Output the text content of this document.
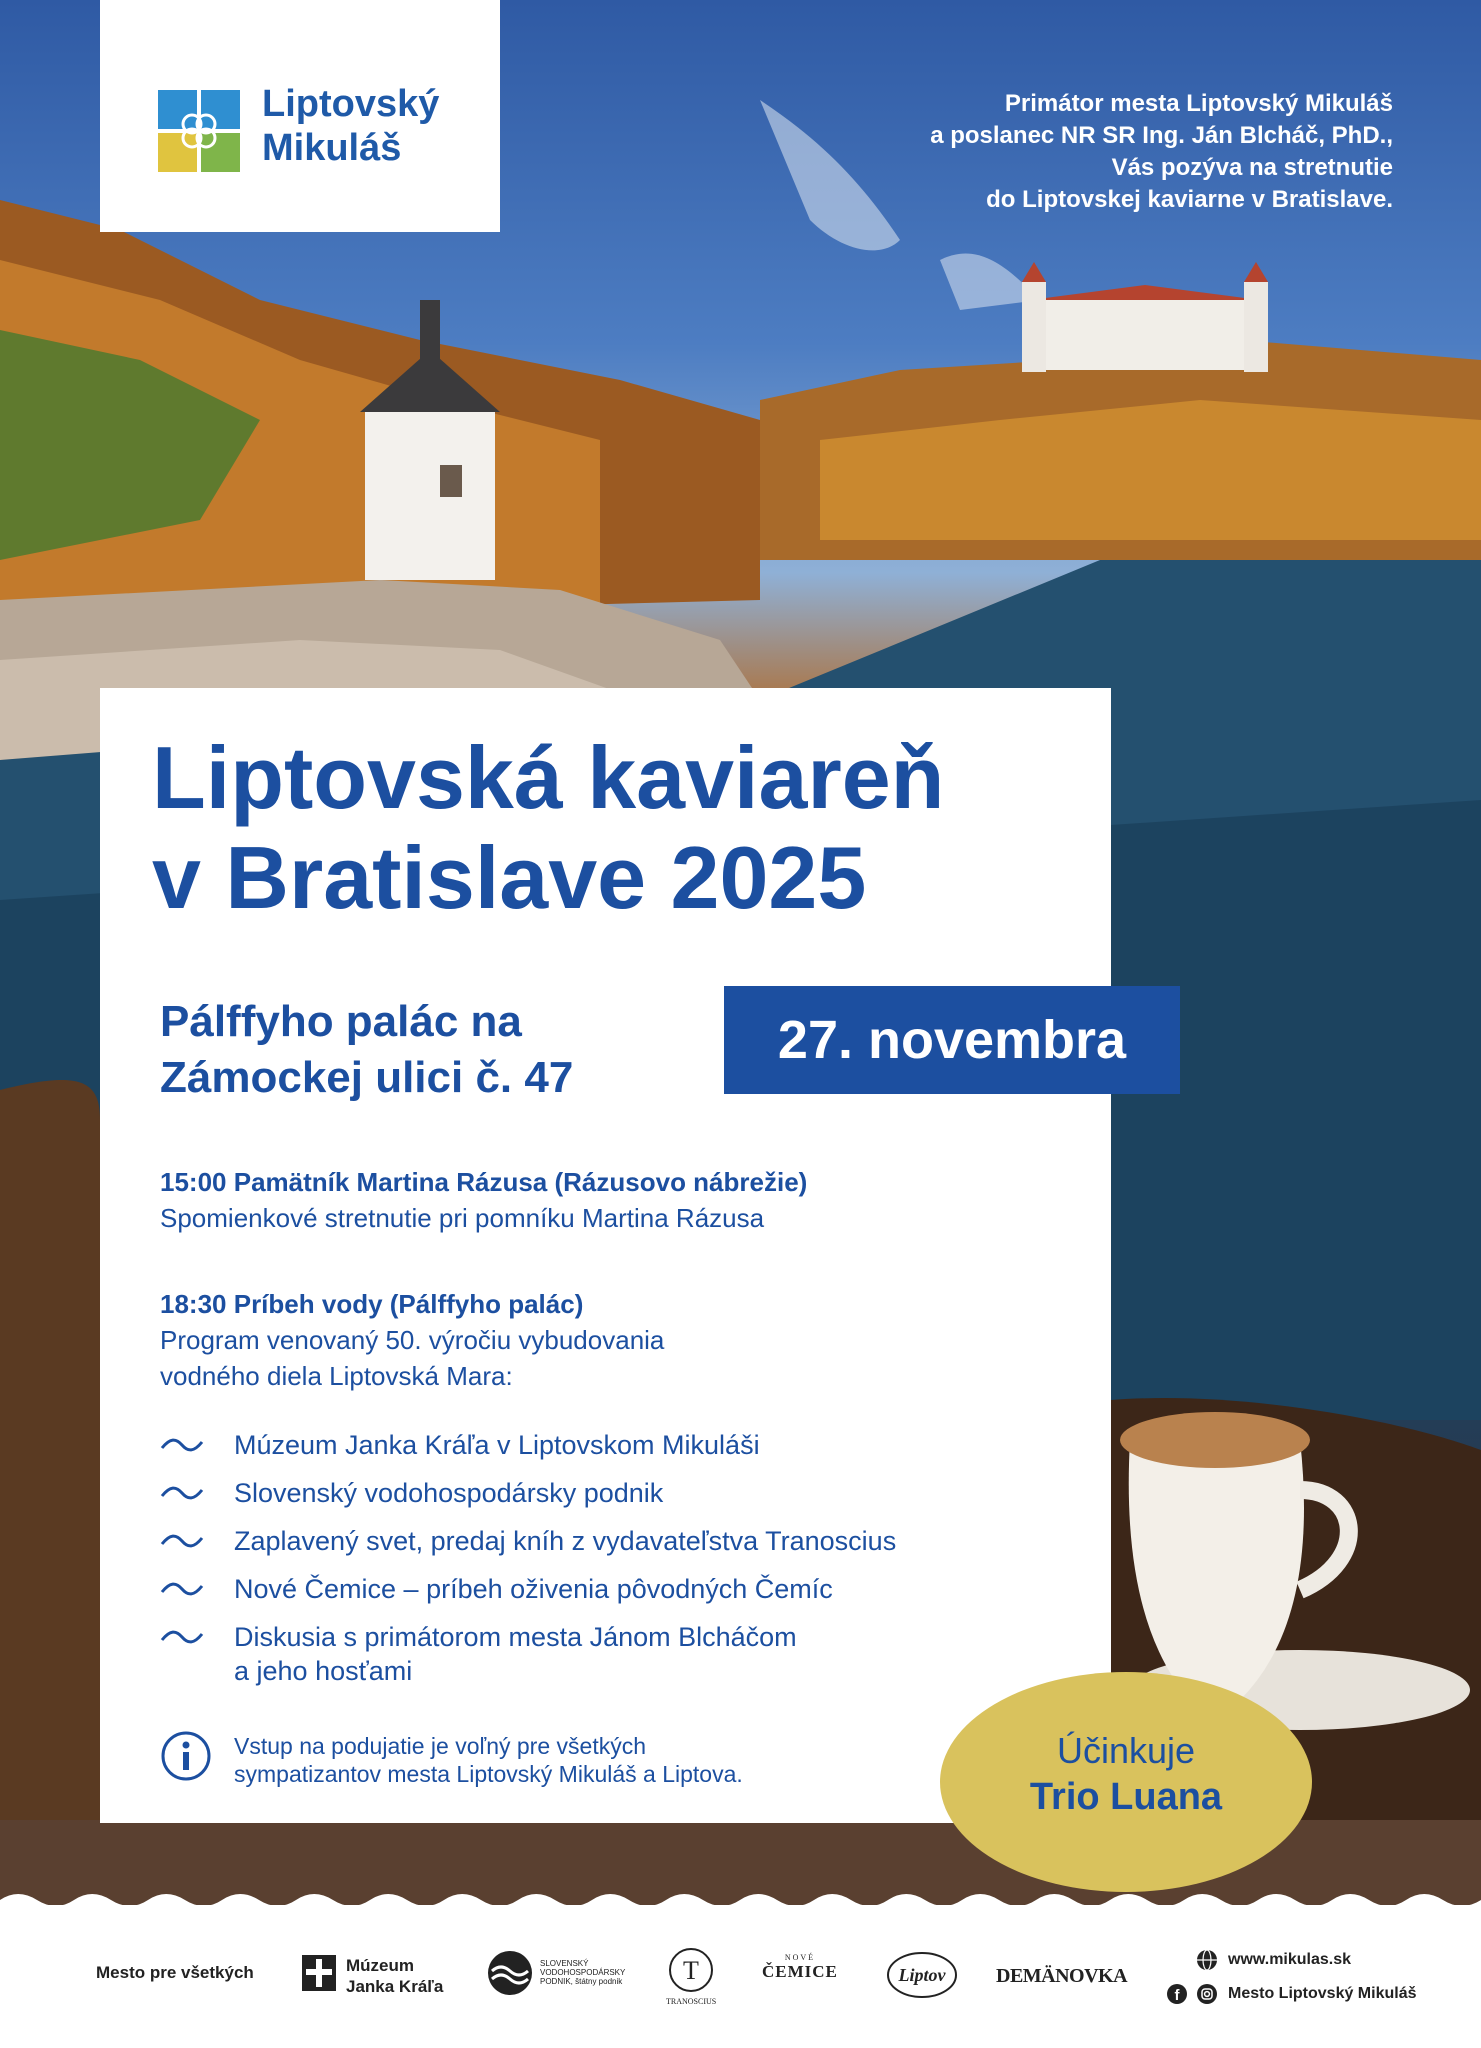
Liptovský
Mikuláš
Primátor mesta Liptovský Mikuláš
a poslanec NR SR Ing. Ján Blcháč, PhD.,
Vás pozýva na stretnutie
do Liptovskej kaviarne v Bratislave.
Liptovská kaviareň
v Bratislave 2025
Pálffyho palác na
Zámockej ulici č. 47
15:00 Pamätník Martina Rázusa (Rázusovo nábrežie)
Spomienkové stretnutie pri pomníku Martina Rázusa
18:30 Príbeh vody (Pálffyho palác)
Program venovaný 50. výročiu vybudovania
vodného diela Liptovská Mara:
Múzeum Janka Kráľa v Liptovskom Mikuláši
Slovenský vodohospodársky podnik
Zaplavený svet, predaj kníh z vydavateľstva Tranoscius
Nové Čemice – príbeh oživenia pôvodných Čemíc
Diskusia s primátorom mesta Jánom Blcháčom
a jeho hosťami
Vstup na podujatie je voľný pre všetkých
sympatizantov mesta Liptovský Mikuláš a Liptova.
27. novembra
Účinkuje
Trio Luana
Mesto pre všetkých	Múzeum
Janka Kráľa
SLOVENSKÝ
VODOHOSPODÁRSKY
PODNIK, štátny podnik T
TRANOSCIUS
NOVÉ
ČEMICE	Liptov	DEMÄNOVKA
www.mikulas.sk
f	Mesto Liptovský Mikuláš
